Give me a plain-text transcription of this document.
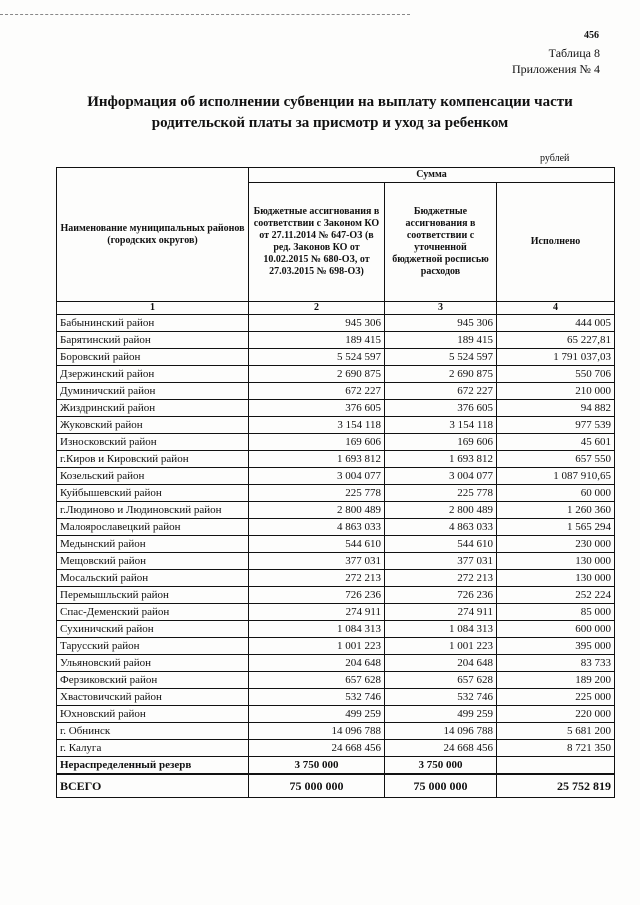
456
Таблица 8
Приложения № 4
Информация об исполнении субвенции на выплату компенсации части родительской платы за присмотр и уход за ребенком
рублей
Наименование муниципальных районов (городских округов)	Сумма		
	Бюджетные ассигнования в соответствии с Законом КО от 27.11.2014 № 647-ОЗ (в ред. Законов КО от 10.02.2015 № 680-ОЗ, от 27.03.2015 № 698-ОЗ)	Бюджетные ассигнования в соответствии с уточненной бюджетной росписью расходов	Исполнено
1	2	3	4
Бабынинский район	945 306	945 306	444 005
Барятинский район	189 415	189 415	65 227,81
Боровский район	5 524 597	5 524 597	1 791 037,03
Дзержинский район	2 690 875	2 690 875	550 706
Думиничский район	672 227	672 227	210 000
Жиздринский район	376 605	376 605	94 882
Жуковский район	3 154 118	3 154 118	977 539
Износковский район	169 606	169 606	45 601
г.Киров и Кировский район	1 693 812	1 693 812	657 550
Козельский район	3 004 077	3 004 077	1 087 910,65
Куйбышевский район	225 778	225 778	60 000
г.Людиново и Людиновский район	2 800 489	2 800 489	1 260 360
Малоярославецкий район	4 863 033	4 863 033	1 565 294
Медынский район	544 610	544 610	230 000
Мещовский район	377 031	377 031	130 000
Мосальский район	272 213	272 213	130 000
Перемышльский район	726 236	726 236	252 224
Спас-Деменский район	274 911	274 911	85 000
Сухиничский район	1 084 313	1 084 313	600 000
Тарусский район	1 001 223	1 001 223	395 000
Ульяновский район	204 648	204 648	83 733
Ферзиковский район	657 628	657 628	189 200
Хвастовичский район	532 746	532 746	225 000
Юхновский район	499 259	499 259	220 000
г. Обнинск	14 096 788	14 096 788	5 681 200
г. Калуга	24 668 456	24 668 456	8 721 350
Нераспределенный резерв	3 750 000	3 750 000	
ВСЕГО	75 000 000	75 000 000	25 752 819
